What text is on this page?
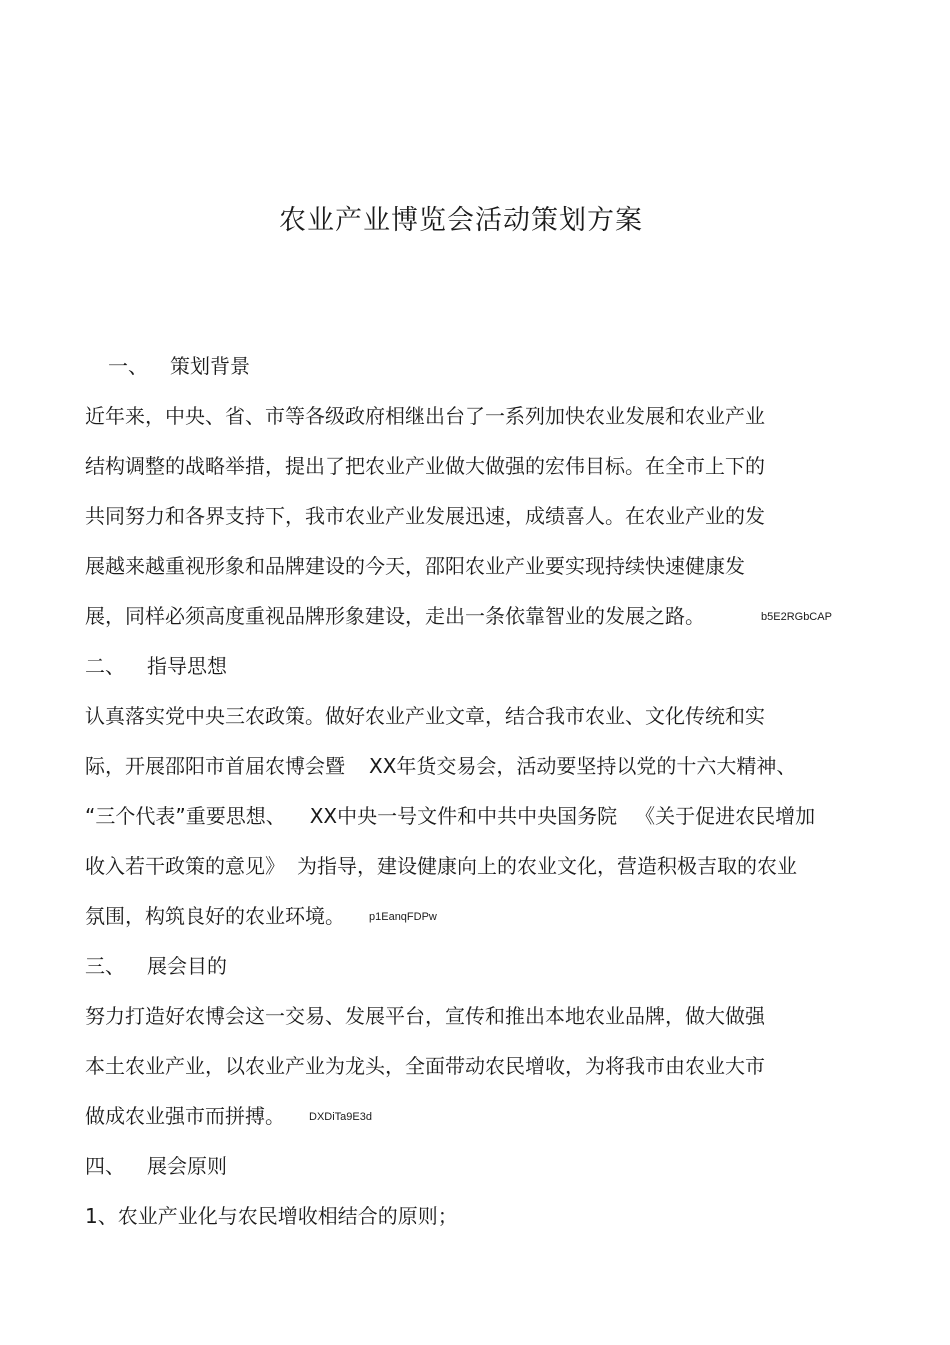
农业产业博览会活动策划方案
一、 策划背景
近年来，中央、省、市等各级政府相继出台了一系列加快农业发展和农业产业
结构调整的战略举措，提出了把农业产业做大做强的宏伟目标。在全市上下的
共同努力和各界支持下，我市农业产业发展迅速，成绩喜人。在农业产业的发
展越来越重视形象和品牌建设的今天，邵阳农业产业要实现持续快速健康发
展，同样必须高度重视品牌形象建设，走出一条依靠智业的发展之路。	b5E2RGbCAP
二、 指导思想
认真落实党中央三农政策。做好农业产业文章，结合我市农业、文化传统和实
际，开展邵阳市首届农博会暨 XX年货交易会，活动要坚持以党的十六大精神、
“三个代表”重要思想、 XX中央一号文件和中共中央国务院 《关于促进农民增加
收入若干政策的意见》 为指导，建设健康向上的农业文化，营造积极吉取的农业
氛围，构筑良好的农业环境。 p1EanqFDPw
三、 展会目的
努力打造好农博会这一交易、发展平台，宣传和推出本地农业品牌，做大做强
本土农业产业，以农业产业为龙头，全面带动农民增收，为将我市由农业大市
做成农业强市而拼搏。 DXDiTa9E3d
四、 展会原则
1、农业产业化与农民增收相结合的原则；
